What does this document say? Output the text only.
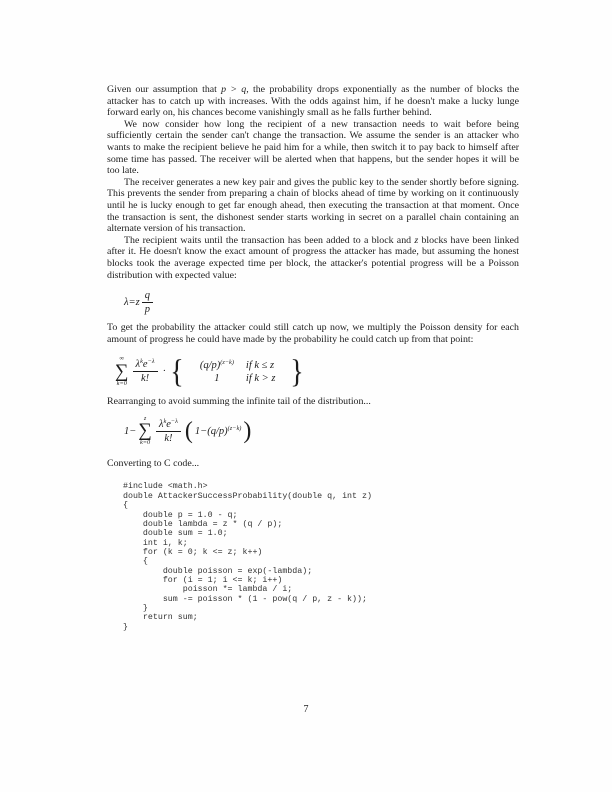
Given our assumption that p > q, the probability drops exponentially as the number of blocks the attacker has to catch up with increases. With the odds against him, if he doesn't make a lucky lunge forward early on, his chances become vanishingly small as he falls further behind.

We now consider how long the recipient of a new transaction needs to wait before being sufficiently certain the sender can't change the transaction. We assume the sender is an attacker who wants to make the recipient believe he paid him for a while, then switch it to pay back to himself after some time has passed. The receiver will be alerted when that happens, but the sender hopes it will be too late.

The receiver generates a new key pair and gives the public key to the sender shortly before signing. This prevents the sender from preparing a chain of blocks ahead of time by working on it continuously until he is lucky enough to get far enough ahead, then executing the transaction at that moment. Once the transaction is sent, the dishonest sender starts working in secret on a parallel chain containing an alternate version of his transaction.

The recipient waits until the transaction has been added to a block and z blocks have been linked after it. He doesn't know the exact amount of progress the attacker has made, but assuming the honest blocks took the average expected time per block, the attacker's potential progress will be a Poisson distribution with expected value:

$\lambda=z \frac{q}{p}$

To get the probability the attacker could still catch up now, we multiply the Poisson density for each amount of progress he could have made by the probability he could catch up from that point:

∞
∑
$k=0 \frac{\lambda^ke^{-\lambda}}{k!}$ · {	$(q/p)^{(z-k)}$	if k ≤ z
1	if k > z }

Rearranging to avoid summing the infinite tail of the distribution...

1−
z
∑
$k=0 \frac{\lambda^ke^{-\lambda}}{k!}$ ( $1-(q/p)^{(z-k)}$ )

Converting to C code...

#include <math.h>
double AttackerSuccessProbability(double q, int z)
{
double p = 1.0 - q;
double lambda = z * (q / p);
double sum = 1.0;
int i, k;
for (k = 0; k <= z; k++)
{
double poisson = exp(-lambda);
for (i = 1; i <= k; i++)
poisson *= lambda / i;
sum -= poisson * (1 - pow(q / p, z - k));
}
return sum;
}
7
